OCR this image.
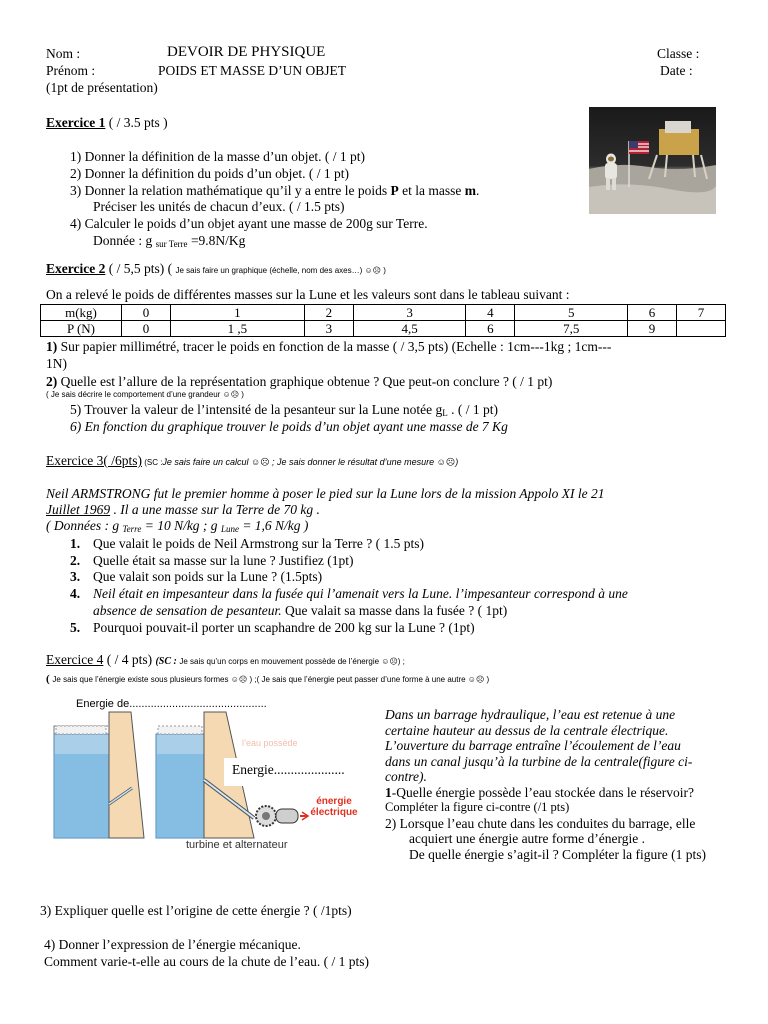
Nom :	DEVOIR DE PHYSIQUE	Classe :
Prénom :	POIDS ET MASSE D’UN OBJET	Date :
(1pt de présentation)
Exercice 1 ( / 3.5 pts )
1) Donner la définition de la masse d’un objet. ( / 1 pt)
2) Donner la définition du poids d’un objet. ( / 1 pt)
3) Donner la relation mathématique qu’il y a entre le poids P et la masse m.
Préciser les unités de chacun d’eux. ( / 1.5 pts)
4) Calculer le poids d’un objet ayant une masse de 200g sur Terre.
Donnée : g sur Terre =9.8N/Kg
Exercice 2 ( / 5,5 pts) ( Je sais faire un graphique (échelle, nom des axes…) ☺☹ )
On a relevé le poids de différentes masses sur la Lune et les valeurs sont dans le tableau suivant :
m(kg)	0	1	2	3	4	5	6	7
P (N)	0	1 ,5	3	4,5	6	7,5	9	
1) Sur papier millimétré, tracer le poids en fonction de la masse ( / 3,5 pts) (Echelle : 1cm---1kg ; 1cm---
1N)
2) Quelle est l’allure de la représentation graphique obtenue ? Que peut-on conclure ? ( / 1 pt)
( Je sais décrire le comportement d’une grandeur ☺☹ )
5) Trouver la valeur de l’intensité de la pesanteur sur la Lune notée gL . ( / 1 pt)
6) En fonction du graphique trouver le poids d’un objet ayant une masse de 7 Kg
Exercice 3( /6pts) (SC :Je sais faire un calcul ☺☹ ; Je sais donner le résultat d’une mesure ☺☹)
Neil ARMSTRONG fut le premier homme à poser le pied sur la Lune lors de la mission Appolo XI le 21
Juillet 1969 . Il a une masse sur la Terre de 70 kg .
( Données : g Terre = 10 N/kg ; g Lune = 1,6 N/kg )
1. Que valait le poids de Neil Armstrong sur la Terre ? ( 1.5 pts)
2. Quelle était sa masse sur la lune ? Justifiez (1pt)
3. Que valait son poids sur la Lune ? (1.5pts)
4. Neil était en impesanteur dans la fusée qui l’amenait vers la Lune. l’impesanteur correspond à une
absence de sensation de pesanteur. Que valait sa masse dans la fusée ? ( 1pt)
5. Pourquoi pouvait-il porter un scaphandre de 200 kg sur la Lune ? (1pt)
Exercice 4 ( / 4 pts) (SC : Je sais qu’un corps en mouvement possède de l’énergie ☺☹) ;
( Je sais que l’énergie existe sous plusieurs formes ☺☹ ) ;( Je sais que l’énergie peut passer d’une forme à une autre ☺☹ )
l’eau possède
Energie de.............................................
Energie.....................
énergie électrique
turbine et alternateur
Dans un barrage hydraulique, l’eau est retenue à une
certaine hauteur au dessus de la centrale électrique.
L’ouverture du barrage entraîne l’écoulement de l’eau
dans un canal jusqu’à la turbine de la centrale(figure ci-
contre).
1-Quelle énergie possède l’eau stockée dans le réservoir?
Compléter la figure ci-contre (/1 pts)
2) Lorsque l’eau chute dans les conduites du barrage, elle
acquiert une énergie autre forme d’énergie .
De quelle énergie s’agit-il ? Compléter la figure (1 pts)
3) Expliquer quelle est l’origine de cette énergie ? ( /1pts)
4) Donner l’expression de l’énergie mécanique.
Comment varie-t-elle au cours de la chute de l’eau. ( / 1 pts)
